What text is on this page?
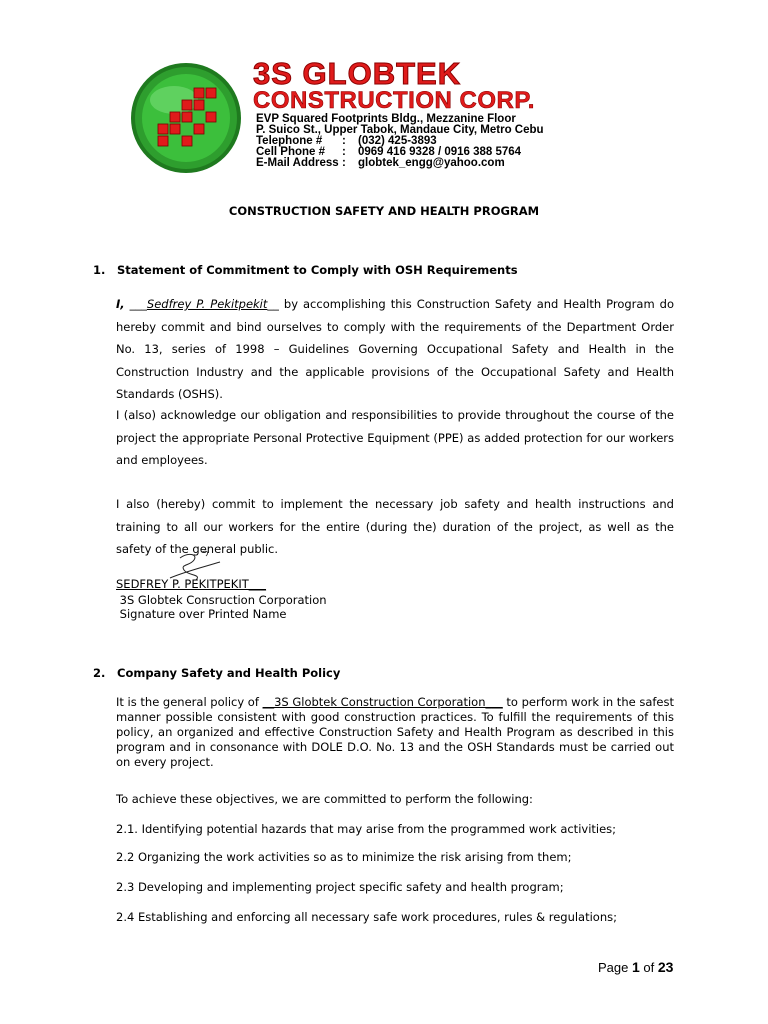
3S GLOBTEK
CONSTRUCTION CORP.
EVP Squared Footprints Bldg., Mezzanine Floor
P. Suico St., Upper Tabok, Mandaue City, Metro Cebu
Telephone # : (032) 425-3893
Cell Phone # : 0969 416 9328 / 0916 388 5764
E-Mail Address : globtek_engg@yahoo.com
CONSTRUCTION SAFETY AND HEALTH PROGRAM
1. Statement of Commitment to Comply with OSH Requirements

I, ___Sedfrey P. Pekitpekit__ by accomplishing this Construction Safety and Health Program do hereby commit and bind ourselves to comply with the requirements of the Department Order No. 13, series of 1998 – Guidelines Governing Occupational Safety and Health in the Construction Industry and the applicable provisions of the Occupational Safety and Health Standards (OSHS).

I (also) acknowledge our obligation and responsibilities to provide throughout the course of the project the appropriate Personal Protective Equipment (PPE) as added protection for our workers and employees.

I also (hereby) commit to implement the necessary job safety and health instructions and training to all our workers for the entire (during the) duration of the project, as well as the safety of the general public.

SEDFREY P. PEKITPEKIT___
3S Globtek Consruction Corporation
Signature over Printed Name
2. Company Safety and Health Policy

It is the general policy of __3S Globtek Construction Corporation___ to perform work in the safest manner possible consistent with good construction practices. To fulfill the requirements of this policy, an organized and effective Construction Safety and Health Program as described in this program and in consonance with DOLE D.O. No. 13 and the OSH Standards must be carried out on every project.

To achieve these objectives, we are committed to perform the following:
2.1. Identifying potential hazards that may arise from the programmed work activities;
2.2 Organizing the work activities so as to minimize the risk arising from them;
2.3 Developing and implementing project specific safety and health program;
2.4 Establishing and enforcing all necessary safe work procedures, rules & regulations;
Page 1 of 23
